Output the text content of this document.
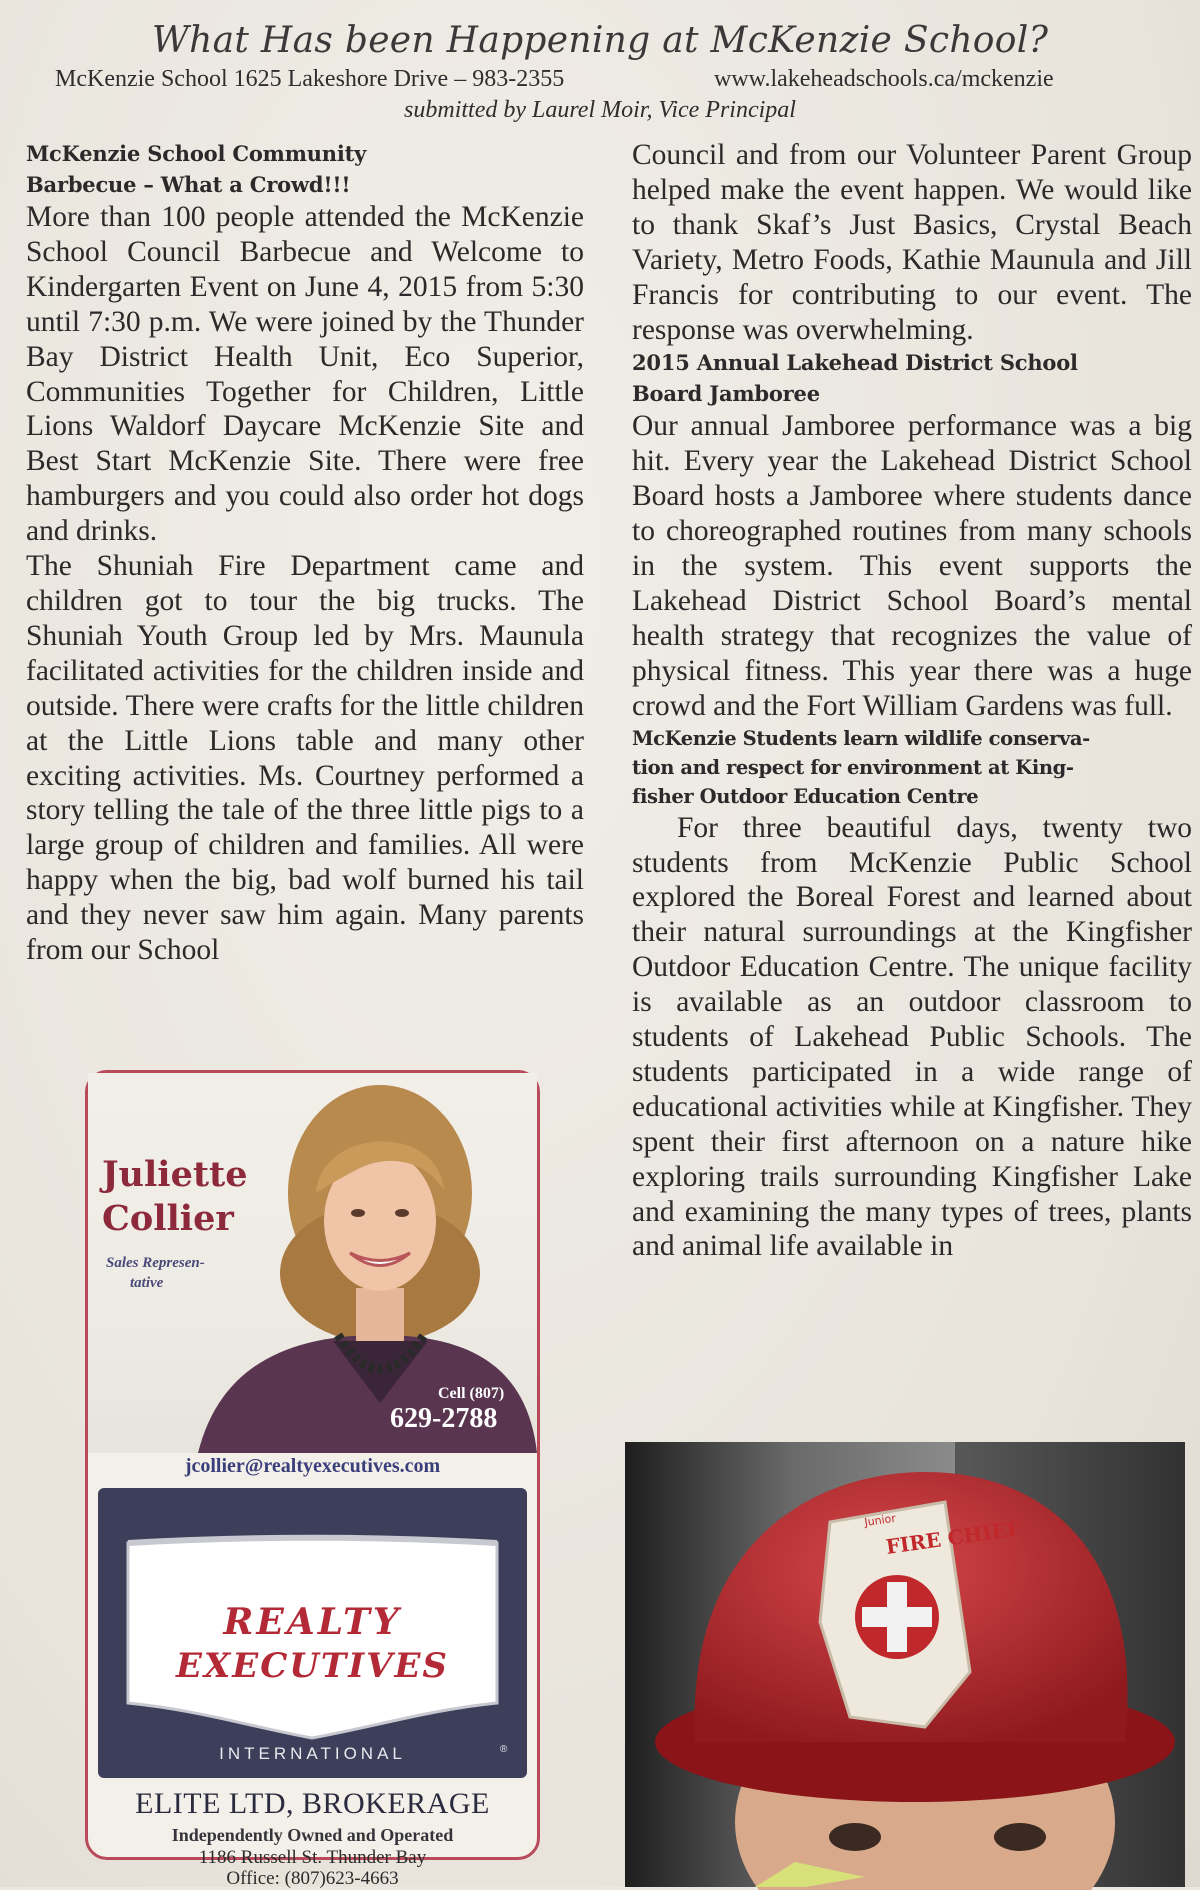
What Has been Happening at McKenzie School?
McKenzie School 1625 Lakeshore Drive – 983-2355	www.lakeheadschools.ca/mckenzie
submitted by Laurel Moir, Vice Principal
McKenzie School Community
Barbecue – What a Crowd!!!

More than 100 people attended the McKenzie School Council Barbecue and Welcome to Kindergarten Event on June 4, 2015 from 5:30 until 7:30 p.m. We were joined by the Thunder Bay District Health Unit, Eco Superior, Communities Together for Children, Little Lions Waldorf Daycare McKenzie Site and Best Start McKenzie Site. There were free hamburgers and you could also order hot dogs and drinks.

The Shuniah Fire Department came and children got to tour the big trucks. The Shuniah Youth Group led by Mrs. Maunula facilitated activities for the children inside and outside. There were crafts for the little children at the Little Lions table and many other exciting activities. Ms. Courtney performed a story telling the tale of the three little pigs to a large group of children and families. All were happy when the big, bad wolf burned his tail and they never saw him again. Many parents from our School

Council and from our Volunteer Parent Group helped make the event happen. We would like to thank Skaf’s Just Basics, Crystal Beach Variety, Metro Foods, Kathie Maunula and Jill Francis for contributing to our event. The response was overwhelming.

2015 Annual Lakehead District School
Board Jamboree

Our annual Jamboree performance was a big hit. Every year the Lakehead District School Board hosts a Jamboree where students dance to choreographed routines from many schools in the system. This event supports the Lakehead District School Board’s mental health strategy that recognizes the value of physical fitness. This year there was a huge crowd and the Fort William Gardens was full.

McKenzie Students learn wildlife conserva-
tion and respect for environment at King-
fisher Outdoor Education Centre

For three beautiful days, twenty two students from McKenzie Public School explored the Boreal Forest and learned about their natural surroundings at the Kingfisher Outdoor Education Centre. The unique facility is available as an outdoor classroom to students of Lakehead Public Schools. The students participated in a wide range of educational activities while at Kingfisher. They spent their first afternoon on a nature hike exploring trails surrounding Kingfisher Lake and examining the many types of trees, plants and animal life available in

Juliette
Collier
Sales Represen-
tative
Cell (807)
629-2788
jcollier@realtyexecutives.com
REALTY
EXECUTIVES
INTERNATIONAL	®
ELITE LTD, BROKERAGE
Independently Owned and Operated
1186 Russell St. Thunder Bay
Office: (807)623-4663
FIRE CHIEF
Junior
